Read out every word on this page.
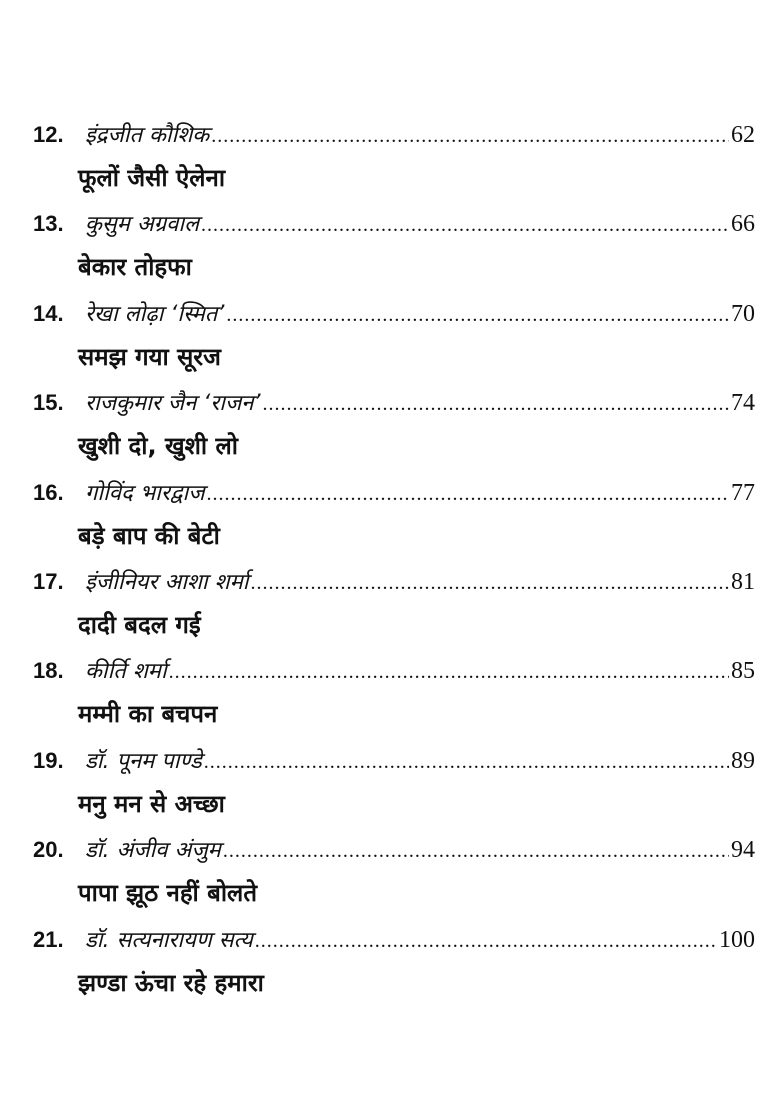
12. इंद्रजीत कौशिक .....	62
फूलों जैसी ऐलेना
13. कुसुम अग्रवाल .....	66
बेकार तोहफा
14. रेखा लोढ़ा ‘स्मित’ .....	70
समझ गया सूरज
15. राजकुमार जैन ‘राजन’ .....	74
खुशी दो, खुशी लो
16. गोविंद भारद्वाज .....	77
बड़े बाप की बेटी
17. इंजीनियर आशा शर्मा .....	81
दादी बदल गई
18. कीर्ति शर्मा .....	85
मम्मी का बचपन
19. डॉ. पूनम पाण्डे .....	89
मनु मन से अच्छा
20. डॉ. अंजीव अंजुम .....	94
पापा झूठ नहीं बोलते
21. डॉ. सत्यनारायण सत्य .....	100
झण्डा ऊंचा रहे हमारा
